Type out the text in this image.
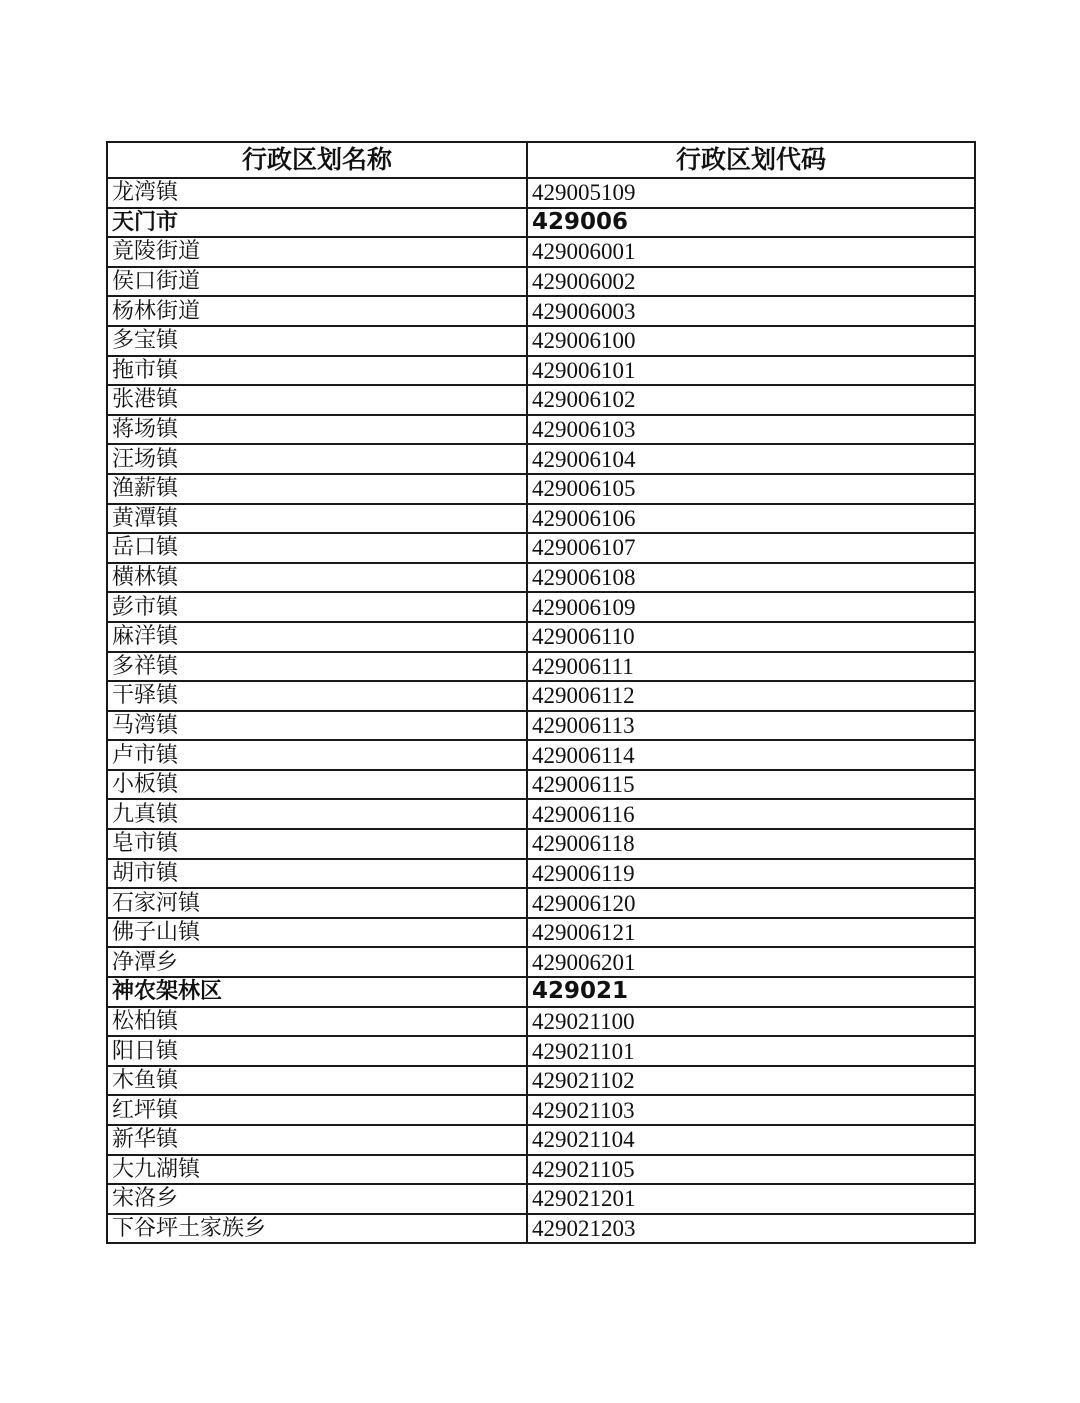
行政区划名称	行政区划代码
龙湾镇	429005109
天门市	429006
竟陵街道	429006001
侯口街道	429006002
杨林街道	429006003
多宝镇	429006100
拖市镇	429006101
张港镇	429006102
蒋场镇	429006103
汪场镇	429006104
渔薪镇	429006105
黄潭镇	429006106
岳口镇	429006107
横林镇	429006108
彭市镇	429006109
麻洋镇	429006110
多祥镇	429006111
干驿镇	429006112
马湾镇	429006113
卢市镇	429006114
小板镇	429006115
九真镇	429006116
皂市镇	429006118
胡市镇	429006119
石家河镇	429006120
佛子山镇	429006121
净潭乡	429006201
神农架林区	429021
松柏镇	429021100
阳日镇	429021101
木鱼镇	429021102
红坪镇	429021103
新华镇	429021104
大九湖镇	429021105
宋洛乡	429021201
下谷坪土家族乡	429021203
